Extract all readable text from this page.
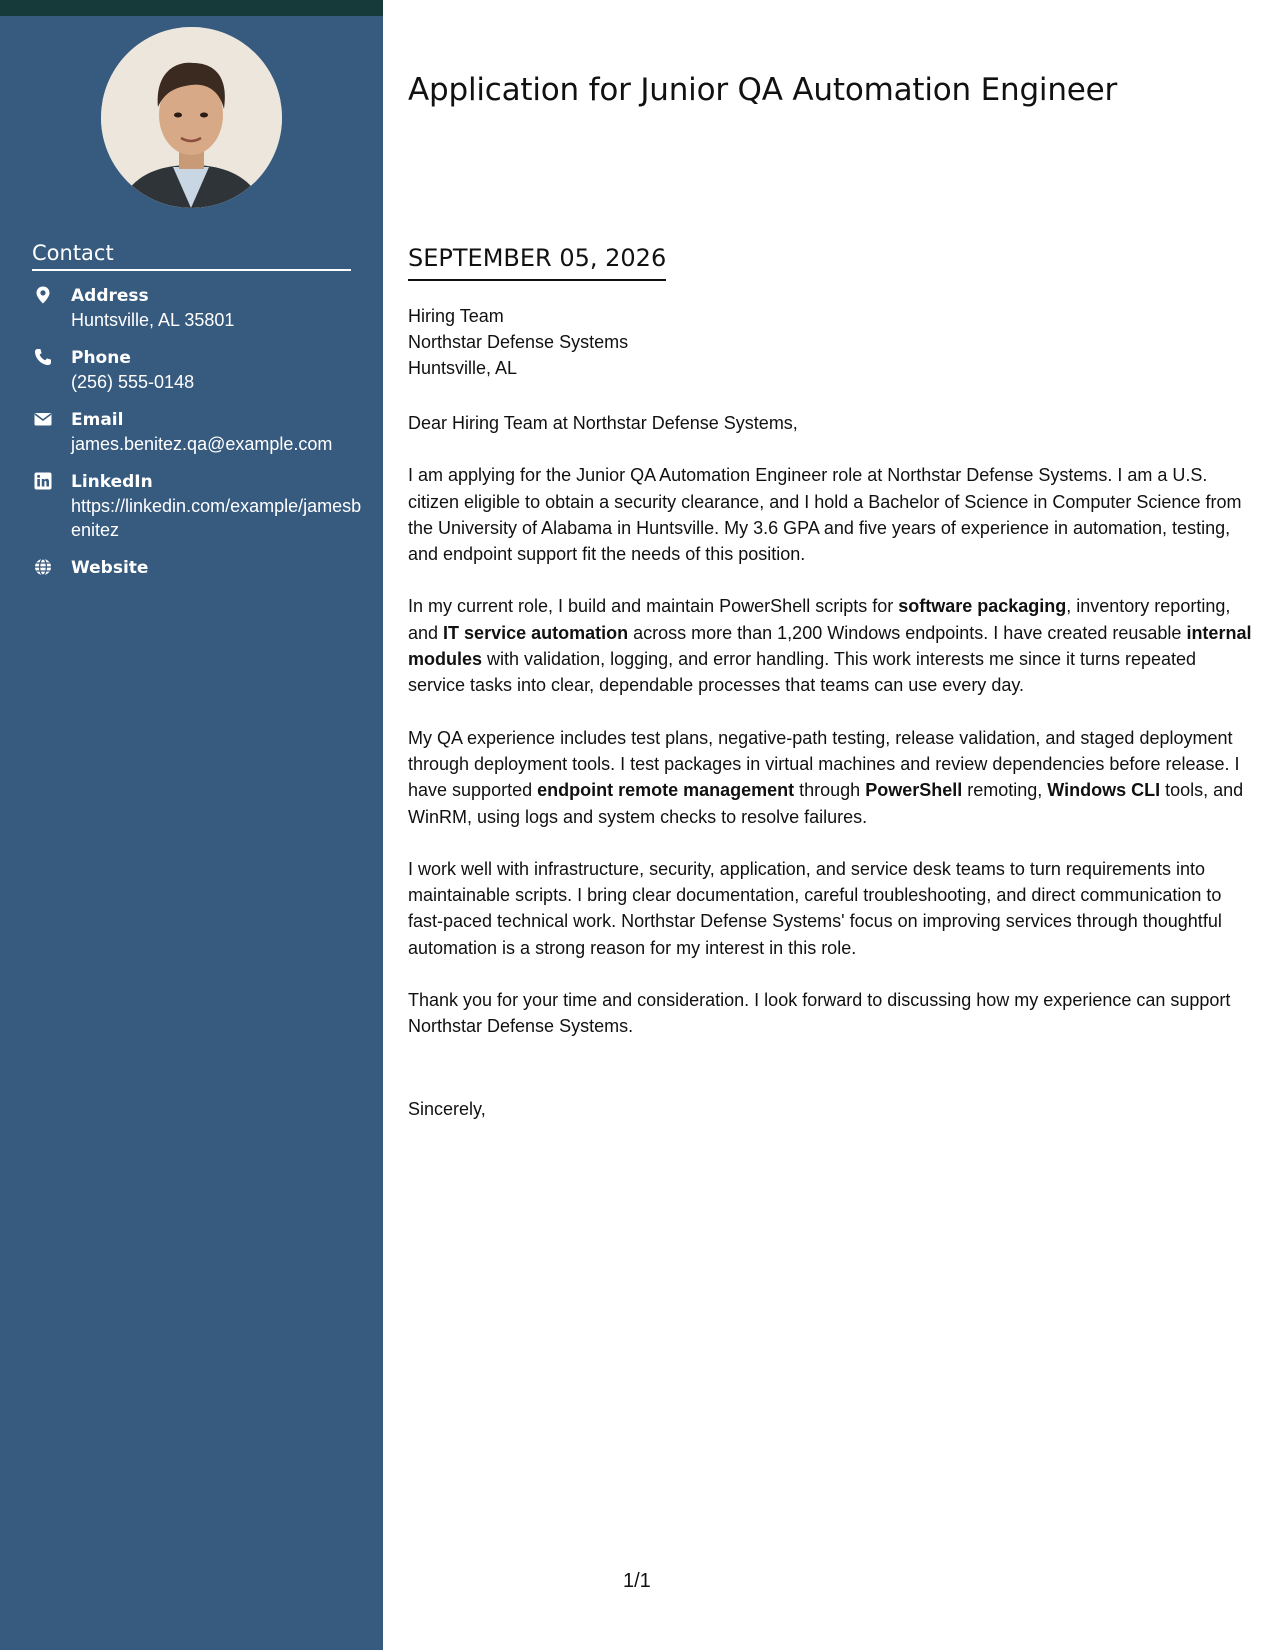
Contact
Address
Huntsville, AL 35801
Phone
(256) 555-0148
Email
james.benitez.qa@example.com
LinkedIn
https://linkedin.com/example/jamesbenitez
Website
Application for Junior QA Automation Engineer
SEPTEMBER 05, 2026
Hiring Team
Northstar Defense Systems
Huntsville, AL

Dear Hiring Team at Northstar Defense Systems,

I am applying for the Junior QA Automation Engineer role at Northstar Defense Systems. I am a U.S. citizen eligible to obtain a security clearance, and I hold a Bachelor of Science in Computer Science from the University of Alabama in Huntsville. My 3.6 GPA and five years of experience in automation, testing, and endpoint support fit the needs of this position.

In my current role, I build and maintain PowerShell scripts for software packaging, inventory reporting, and IT service automation across more than 1,200 Windows endpoints. I have created reusable internal modules with validation, logging, and error handling. This work interests me since it turns repeated service tasks into clear, dependable processes that teams can use every day.

My QA experience includes test plans, negative-path testing, release validation, and staged deployment through deployment tools. I test packages in virtual machines and review dependencies before release. I have supported endpoint remote management through PowerShell remoting, Windows CLI tools, and WinRM, using logs and system checks to resolve failures.

I work well with infrastructure, security, application, and service desk teams to turn requirements into maintainable scripts. I bring clear documentation, careful troubleshooting, and direct communication to fast-paced technical work. Northstar Defense Systems' focus on improving services through thoughtful automation is a strong reason for my interest in this role.

Thank you for your time and consideration. I look forward to discussing how my experience can support Northstar Defense Systems.

Sincerely,
1/1
